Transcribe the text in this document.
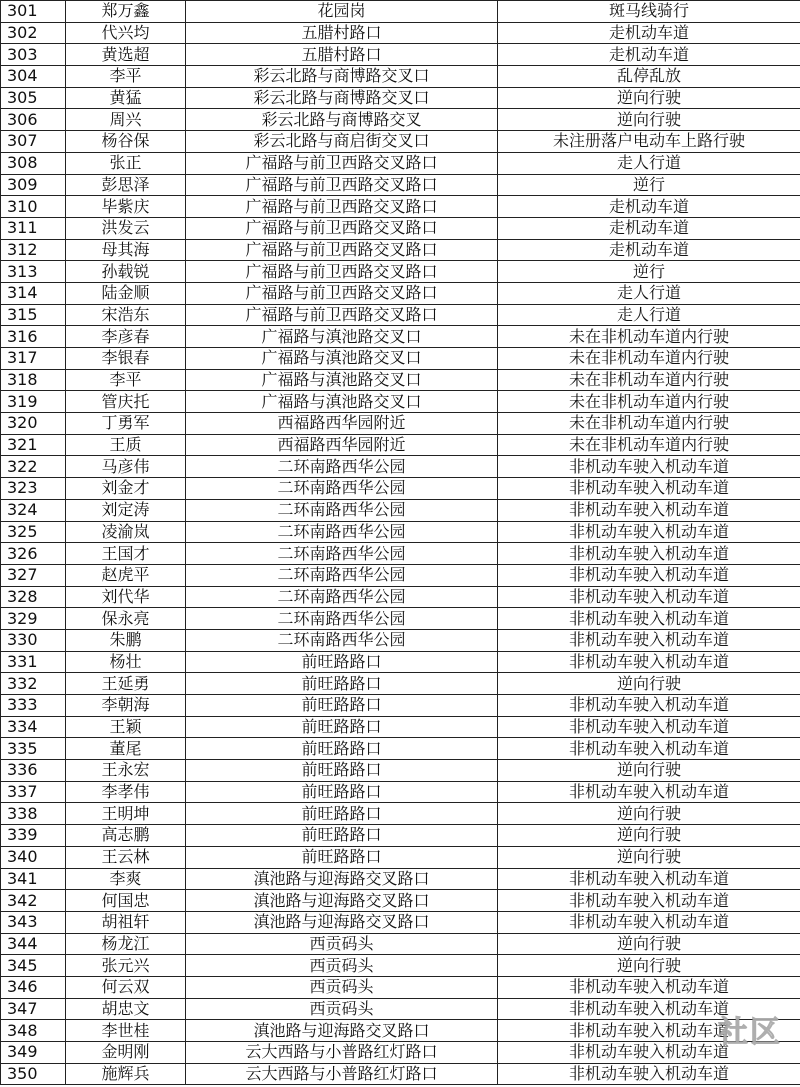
301	郑万鑫	花园岗	斑马线骑行
302	代兴均	五腊村路口	走机动车道
303	黄选超	五腊村路口	走机动车道
304	李平	彩云北路与商博路交叉口	乱停乱放
305	黄猛	彩云北路与商博路交叉口	逆向行驶
306	周兴	彩云北路与商博路交叉	逆向行驶
307	杨谷保	彩云北路与商启街交叉口	未注册落户电动车上路行驶
308	张正	广福路与前卫西路交叉路口	走人行道
309	彭思泽	广福路与前卫西路交叉路口	逆行
310	毕紫庆	广福路与前卫西路交叉路口	走机动车道
311	洪发云	广福路与前卫西路交叉路口	走机动车道
312	母其海	广福路与前卫西路交叉路口	走机动车道
313	孙载锐	广福路与前卫西路交叉路口	逆行
314	陆金顺	广福路与前卫西路交叉路口	走人行道
315	宋浩东	广福路与前卫西路交叉路口	走人行道
316	李彦春	广福路与滇池路交叉口	未在非机动车道内行驶
317	李银春	广福路与滇池路交叉口	未在非机动车道内行驶
318	李平	广福路与滇池路交叉口	未在非机动车道内行驶
319	管庆托	广福路与滇池路交叉口	未在非机动车道内行驶
320	丁勇军	西福路西华园附近	未在非机动车道内行驶
321	王质	西福路西华园附近	未在非机动车道内行驶
322	马彦伟	二环南路西华公园	非机动车驶入机动车道
323	刘金才	二环南路西华公园	非机动车驶入机动车道
324	刘定涛	二环南路西华公园	非机动车驶入机动车道
325	凌渝岚	二环南路西华公园	非机动车驶入机动车道
326	王国才	二环南路西华公园	非机动车驶入机动车道
327	赵虎平	二环南路西华公园	非机动车驶入机动车道
328	刘代华	二环南路西华公园	非机动车驶入机动车道
329	保永亮	二环南路西华公园	非机动车驶入机动车道
330	朱鹏	二环南路西华公园	非机动车驶入机动车道
331	杨壮	前旺路路口	非机动车驶入机动车道
332	王延勇	前旺路路口	逆向行驶
333	李朝海	前旺路路口	非机动车驶入机动车道
334	王颖	前旺路路口	非机动车驶入机动车道
335	董尾	前旺路路口	非机动车驶入机动车道
336	王永宏	前旺路路口	逆向行驶
337	李孝伟	前旺路路口	非机动车驶入机动车道
338	王明坤	前旺路路口	逆向行驶
339	高志鹏	前旺路路口	逆向行驶
340	王云林	前旺路路口	逆向行驶
341	李爽	滇池路与迎海路交叉路口	非机动车驶入机动车道
342	何国忠	滇池路与迎海路交叉路口	非机动车驶入机动车道
343	胡祖轩	滇池路与迎海路交叉路口	非机动车驶入机动车道
344	杨龙江	西贡码头	逆向行驶
345	张元兴	西贡码头	逆向行驶
346	何云双	西贡码头	非机动车驶入机动车道
347	胡忠文	西贡码头	非机动车驶入机动车道
348	李世桂	滇池路与迎海路交叉路口	非机动车驶入机动车道
349	金明刚	云大西路与小普路红灯路口	非机动车驶入机动车道
350	施辉兵	云大西路与小普路红灯路口	非机动车驶入机动车道
社区
